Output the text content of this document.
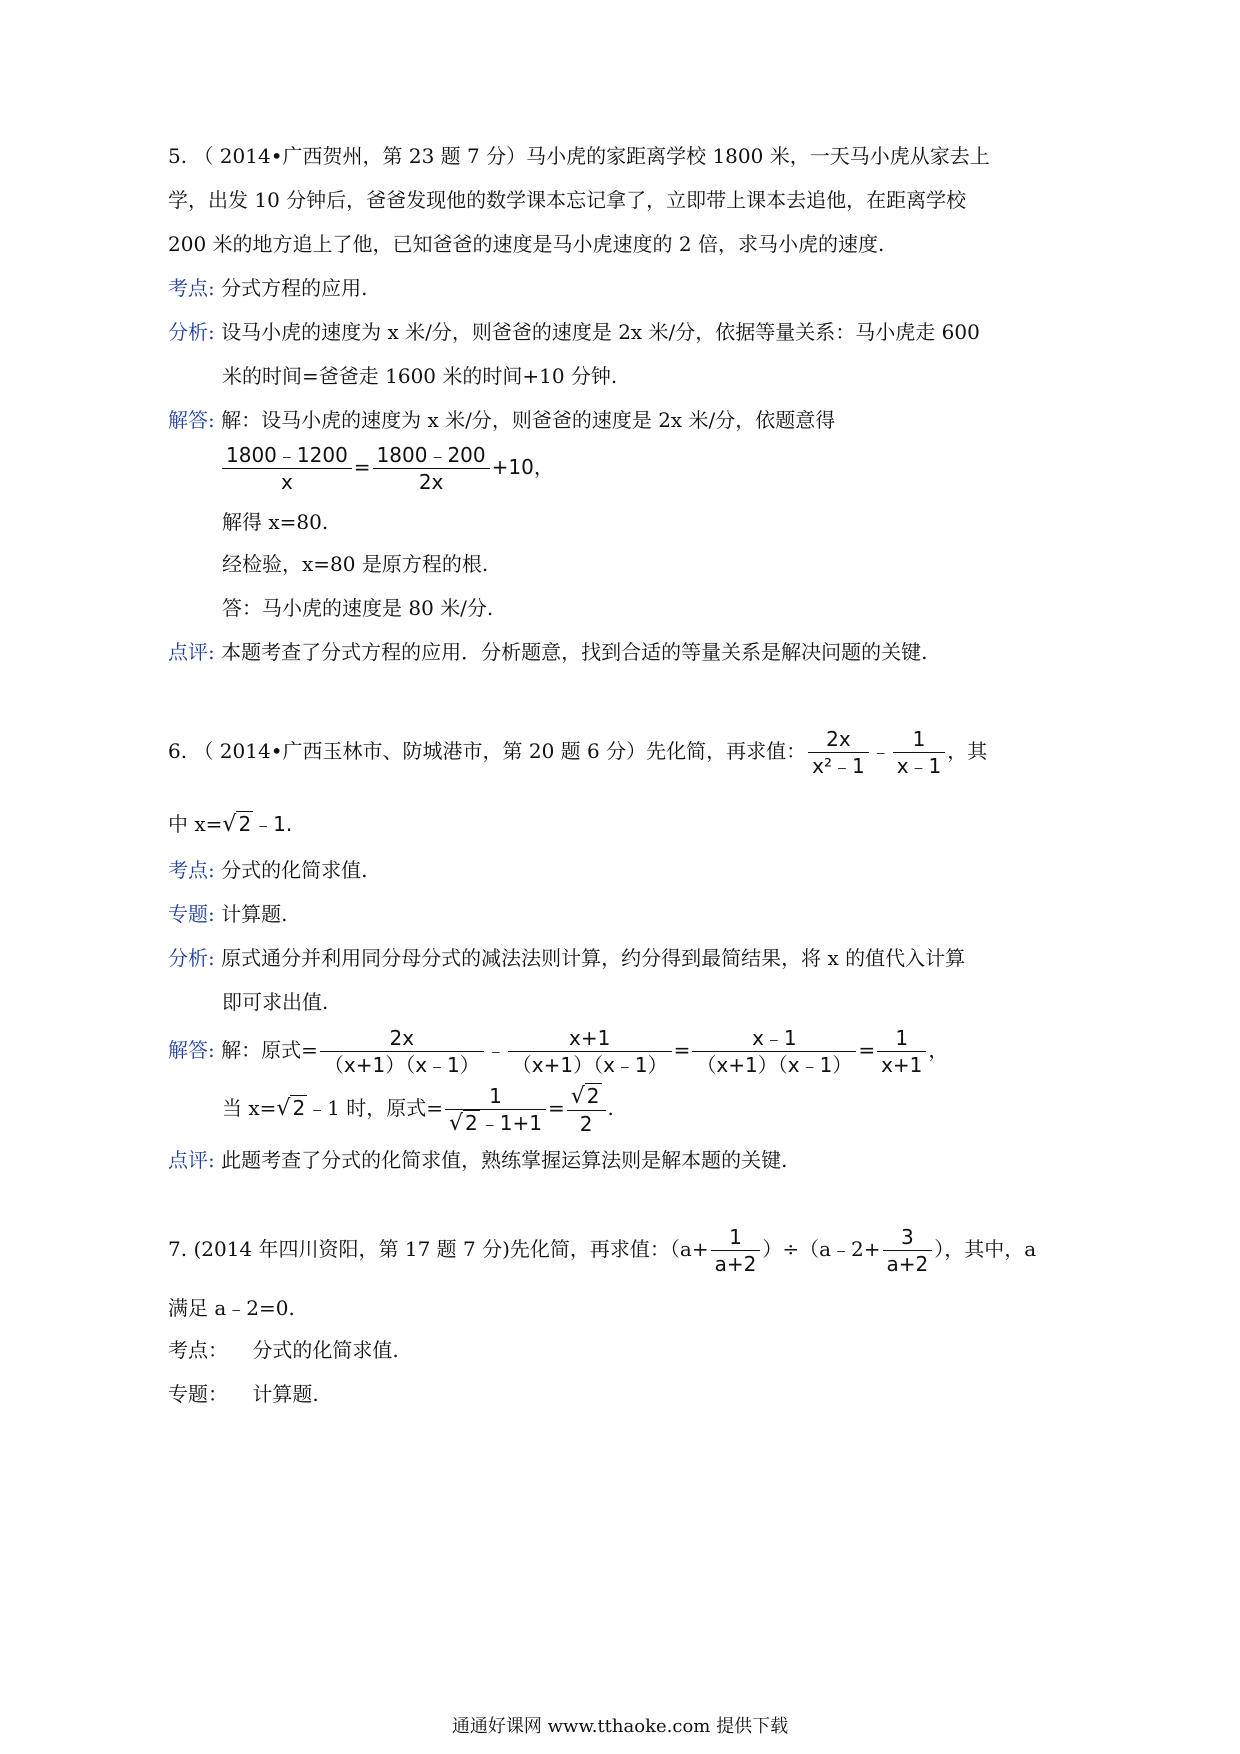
5. （ 2014•广西贺州，第 23 题 7 分）马小虎的家距离学校 1800 米，一天马小虎从家去上
学，出发 10 分钟后，爸爸发现他的数学课本忘记拿了，立即带上课本去追他，在距离学校
200 米的地方追上了他，已知爸爸的速度是马小虎速度的 2 倍，求马小虎的速度.
考点: 分式方程的应用.
分析: 设马小虎的速度为 x 米/分，则爸爸的速度是 2x 米/分，依据等量关系：马小虎走 600
米的时间=爸爸走 1600 米的时间+10 分钟.
解答: 解：设马小虎的速度为 x 米/分，则爸爸的速度是 2x 米/分，依题意得
$\frac{1800﹣1200}{x} = \frac{1800﹣200}{2x} +10$，
解得 x=80.
经检验，x=80 是原方程的根.
答：马小虎的速度是 80 米/分.
点评: 本题考查了分式方程的应用．分析题意，找到合适的等量关系是解决问题的关键.
6. （ 2014•广西玉林市、防城港市，第 20 题 6 分）先化简，再求值： $\frac{2x}{\text{x²﹣1}}$ ﹣ $\frac{1}{x﹣1}$ ，其
中 x=√ 2 ﹣1.
考点: 分式的化简求值.
专题: 计算题.
分析: 原式通分并利用同分母分式的减法法则计算，约分得到最简结果，将 x 的值代入计算
即可求出值.
解答: 解：原式= $\frac{2x}{(x+1)(x﹣1)}$ ﹣ $\frac{x+1}{(x+1)(x﹣1)} = \frac{x﹣1}{(x+1)(x﹣1)} = \frac{1}{x+1}$ ，
当 x=√ 2 ﹣1 时，原式= $\frac{1}{√ 2 ﹣1+1} = \frac{√ 2}{2}$ .
点评: 此题考查了分式的化简求值，熟练掌握运算法则是解本题的关键.
7. (2014 年四川资阳，第 17 题 7 分)先化简，再求值：（$a+ \frac{1}{a+2}$ ）÷（a﹣2+ $\frac{3}{a+2}$ ），其中，a
满足 a﹣2=0.
考点： 分式的化简求值.
专题： 计算题.
通通好课网 www.tthaoke.com 提供下载
